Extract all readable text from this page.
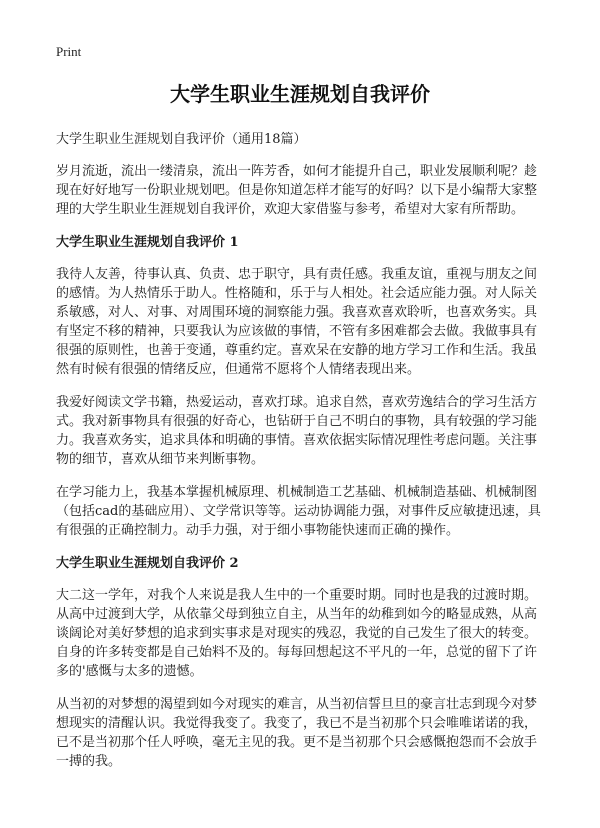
Print
大学生职业生涯规划自我评价

大学生职业生涯规划自我评价（通用18篇）

岁月流逝，流出一缕清泉，流出一阵芳香，如何才能提升自己，职业发展顺利呢？趁现在好好地写一份职业规划吧。但是你知道怎样才能写的好吗？以下是小编帮大家整理的大学生职业生涯规划自我评价，欢迎大家借鉴与参考，希望对大家有所帮助。

大学生职业生涯规划自我评价 1

我待人友善，待事认真、负责、忠于职守，具有责任感。我重友谊，重视与朋友之间的感情。为人热情乐于助人。性格随和，乐于与人相处。社会适应能力强。对人际关系敏感，对人、对事、对周围环境的洞察能力强。我喜欢喜欢聆听，也喜欢务实。具有坚定不移的精神，只要我认为应该做的事情，不管有多困难都会去做。我做事具有很强的原则性，也善于变通，尊重约定。喜欢呆在安静的地方学习工作和生活。我虽然有时候有很强的情绪反应，但通常不愿将个人情绪表现出来。

我爱好阅读文学书籍，热爱运动，喜欢打球。追求自然，喜欢劳逸结合的学习生活方式。我对新事物具有很强的好奇心，也钻研于自己不明白的事物，具有较强的学习能力。我喜欢务实，追求具体和明确的事情。喜欢依据实际情况理性考虑问题。关注事物的细节，喜欢从细节来判断事物。

在学习能力上，我基本掌握机械原理、机械制造工艺基础、机械制造基础、机械制图（包括cad的基础应用）、文学常识等等。运动协调能力强，对事件反应敏捷迅速，具有很强的正确控制力。动手力强，对于细小事物能快速而正确的操作。

大学生职业生涯规划自我评价 2

大二这一学年，对我个人来说是我人生中的一个重要时期。同时也是我的过渡时期。从高中过渡到大学，从依靠父母到独立自主，从当年的幼稚到如今的略显成熟，从高谈阔论对美好梦想的追求到实事求是对现实的残忍，我觉的自己发生了很大的转变。自身的许多转变都是自己始料不及的。每每回想起这不平凡的一年，总觉的留下了许多的'感慨与太多的遗憾。

从当初的对梦想的渴望到如今对现实的难言，从当初信誓旦旦的豪言壮志到现今对梦想现实的清醒认识。我觉得我变了。我变了，我已不是当初那个只会唯唯诺诺的我，已不是当初那个任人呼唤，毫无主见的我。更不是当初那个只会感慨抱怨而不会放手一搏的我。
